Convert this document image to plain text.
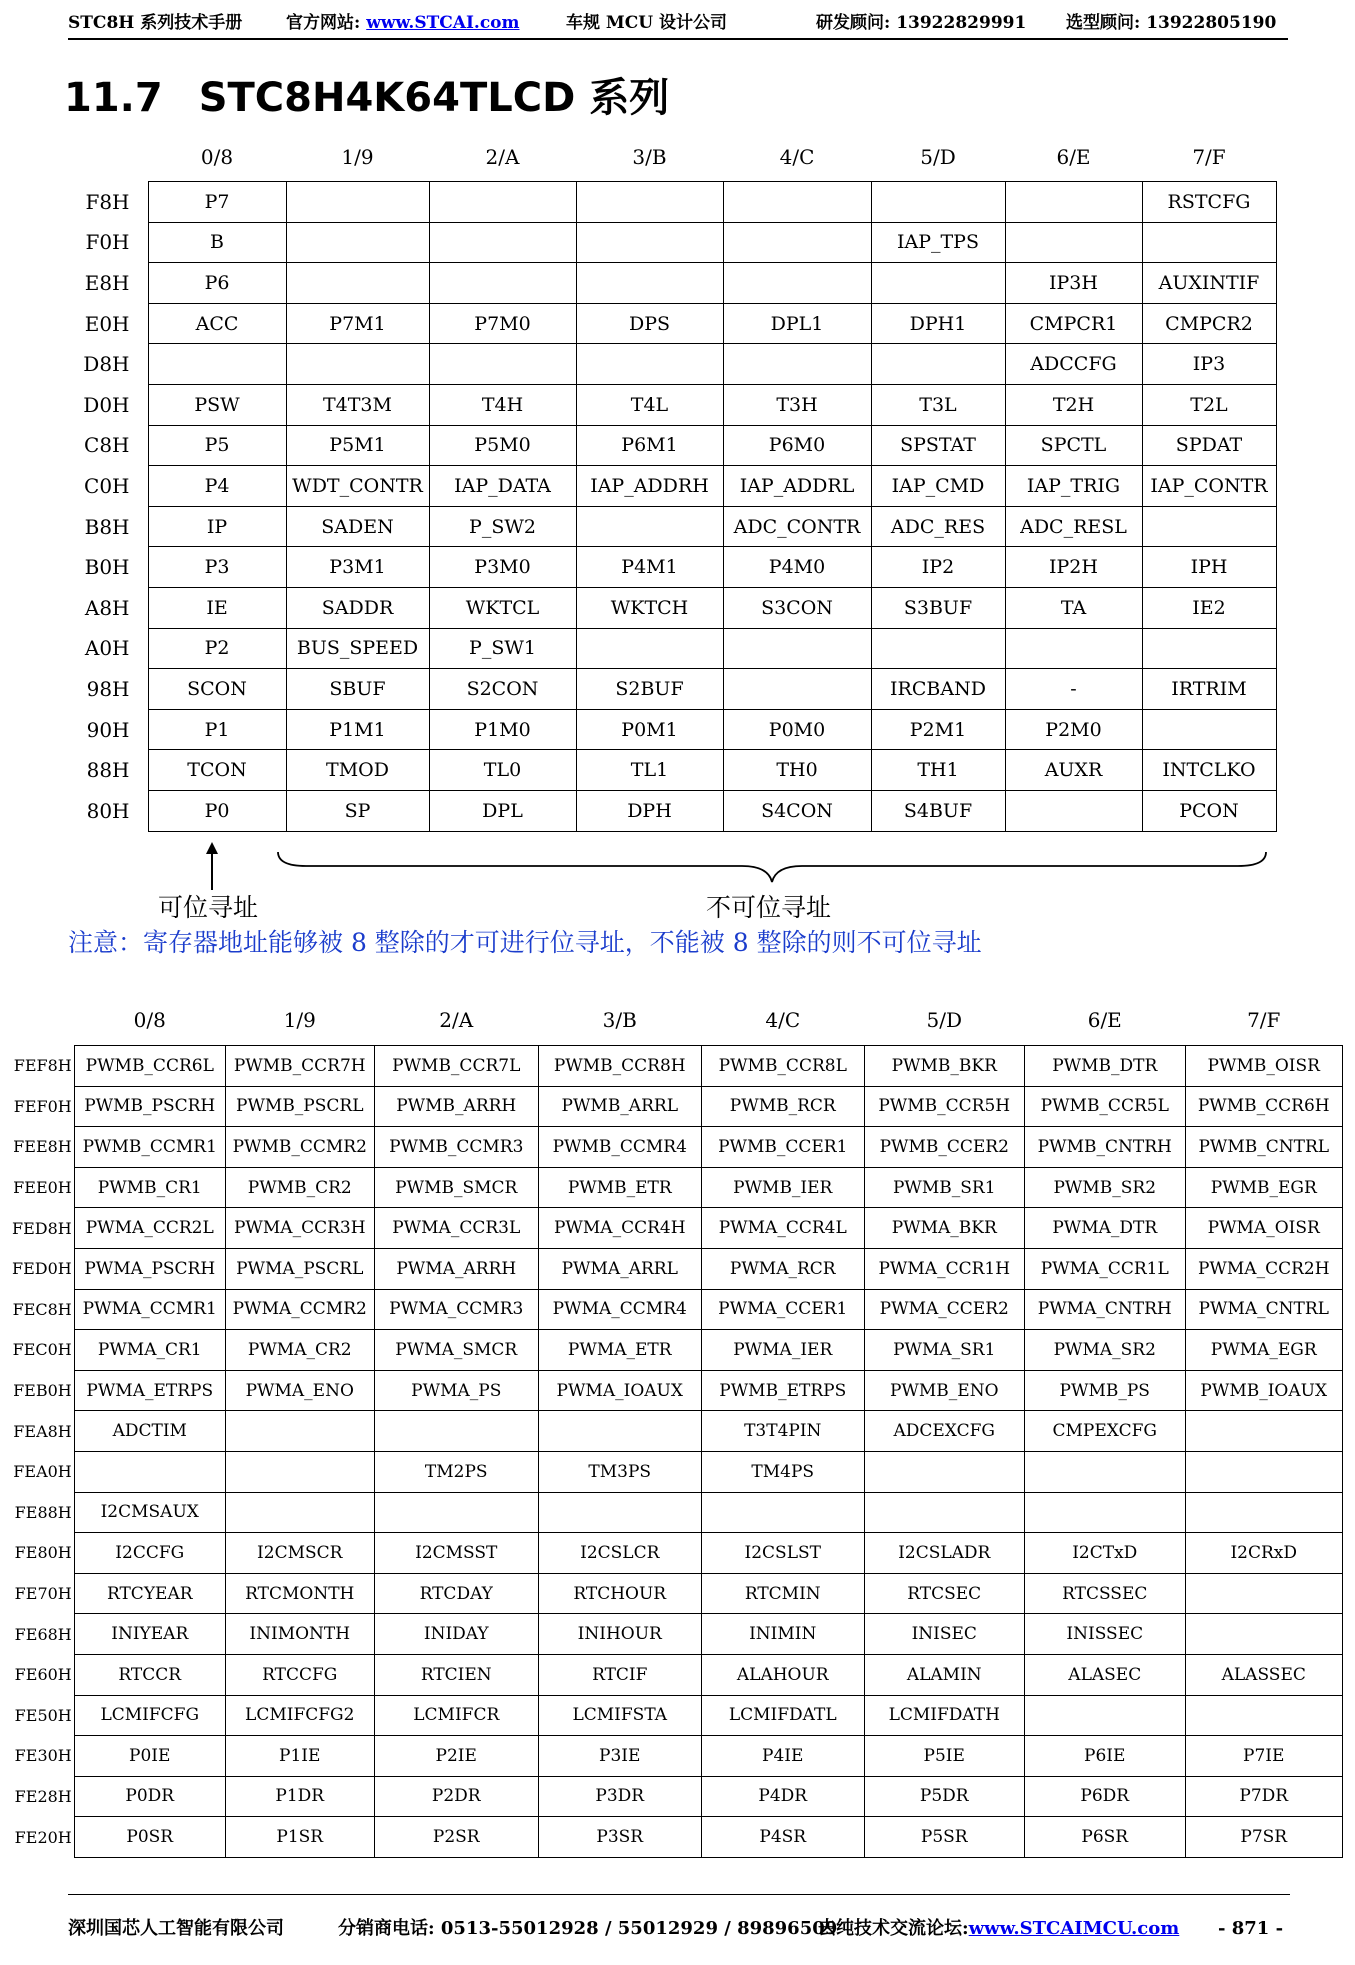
STC8H 系列技术手册	官方网站: www.STCAI.com	车规 MCU 设计公司	研发顾问: 13922829991 选型顾问: 13922805190
11.7 STC8H4K64TLCD 系列
	0/8	1/9	2/A	3/B	4/C	5/D	6/E	7/F
F8H	P7							RSTCFG
F0H	B					IAP_TPS		
E8H	P6						IP3H	AUXINTIF
E0H	ACC	P7M1	P7M0	DPS	DPL1	DPH1	CMPCR1	CMPCR2
D8H							ADCCFG	IP3
D0H	PSW	T4T3M	T4H	T4L	T3H	T3L	T2H	T2L
C8H	P5	P5M1	P5M0	P6M1	P6M0	SPSTAT	SPCTL	SPDAT
C0H	P4	WDT_CONTR	IAP_DATA	IAP_ADDRH	IAP_ADDRL	IAP_CMD	IAP_TRIG	IAP_CONTR
B8H	IP	SADEN	P_SW2		ADC_CONTR	ADC_RES	ADC_RESL	
B0H	P3	P3M1	P3M0	P4M1	P4M0	IP2	IP2H	IPH
A8H	IE	SADDR	WKTCL	WKTCH	S3CON	S3BUF	TA	IE2
A0H	P2	BUS_SPEED	P_SW1					
98H	SCON	SBUF	S2CON	S2BUF		IRCBAND	-	IRTRIM
90H	P1	P1M1	P1M0	P0M1	P0M0	P2M1	P2M0	
88H	TCON	TMOD	TL0	TL1	TH0	TH1	AUXR	INTCLKO
80H	P0	SP	DPL	DPH	S4CON	S4BUF		PCON
可位寻址	不可位寻址
注意：寄存器地址能够被 8 整除的才可进行位寻址，不能被 8 整除的则不可位寻址
	0/8	1/9	2/A	3/B	4/C	5/D	6/E	7/F
FEF8H	PWMB_CCR6L	PWMB_CCR7H	PWMB_CCR7L	PWMB_CCR8H	PWMB_CCR8L	PWMB_BKR	PWMB_DTR	PWMB_OISR
FEF0H	PWMB_PSCRH	PWMB_PSCRL	PWMB_ARRH	PWMB_ARRL	PWMB_RCR	PWMB_CCR5H	PWMB_CCR5L	PWMB_CCR6H
FEE8H	PWMB_CCMR1	PWMB_CCMR2	PWMB_CCMR3	PWMB_CCMR4	PWMB_CCER1	PWMB_CCER2	PWMB_CNTRH	PWMB_CNTRL
FEE0H	PWMB_CR1	PWMB_CR2	PWMB_SMCR	PWMB_ETR	PWMB_IER	PWMB_SR1	PWMB_SR2	PWMB_EGR
FED8H	PWMA_CCR2L	PWMA_CCR3H	PWMA_CCR3L	PWMA_CCR4H	PWMA_CCR4L	PWMA_BKR	PWMA_DTR	PWMA_OISR
FED0H	PWMA_PSCRH	PWMA_PSCRL	PWMA_ARRH	PWMA_ARRL	PWMA_RCR	PWMA_CCR1H	PWMA_CCR1L	PWMA_CCR2H
FEC8H	PWMA_CCMR1	PWMA_CCMR2	PWMA_CCMR3	PWMA_CCMR4	PWMA_CCER1	PWMA_CCER2	PWMA_CNTRH	PWMA_CNTRL
FEC0H	PWMA_CR1	PWMA_CR2	PWMA_SMCR	PWMA_ETR	PWMA_IER	PWMA_SR1	PWMA_SR2	PWMA_EGR
FEB0H	PWMA_ETRPS	PWMA_ENO	PWMA_PS	PWMA_IOAUX	PWMB_ETRPS	PWMB_ENO	PWMB_PS	PWMB_IOAUX
FEA8H	ADCTIM				T3T4PIN	ADCEXCFG	CMPEXCFG	
FEA0H			TM2PS	TM3PS	TM4PS			
FE88H	I2CMSAUX							
FE80H	I2CCFG	I2CMSCR	I2CMSST	I2CSLCR	I2CSLST	I2CSLADR	I2CTxD	I2CRxD
FE70H	RTCYEAR	RTCMONTH	RTCDAY	RTCHOUR	RTCMIN	RTCSEC	RTCSSEC	
FE68H	INIYEAR	INIMONTH	INIDAY	INIHOUR	INIMIN	INISEC	INISSEC	
FE60H	RTCCR	RTCCFG	RTCIEN	RTCIF	ALAHOUR	ALAMIN	ALASEC	ALASSEC
FE50H	LCMIFCFG	LCMIFCFG2	LCMIFCR	LCMIFSTA	LCMIFDATL	LCMIFDATH		
FE30H	P0IE	P1IE	P2IE	P3IE	P4IE	P5IE	P6IE	P7IE
FE28H	P0DR	P1DR	P2DR	P3DR	P4DR	P5DR	P6DR	P7DR
FE20H	P0SR	P1SR	P2SR	P3SR	P4SR	P5SR	P6SR	P7SR
深圳国芯人工智能有限公司	分销商电话: 0513-55012928 / 55012929 / 89896509
去纯技术交流论坛:www.STCAIMCU.com - 871 -
